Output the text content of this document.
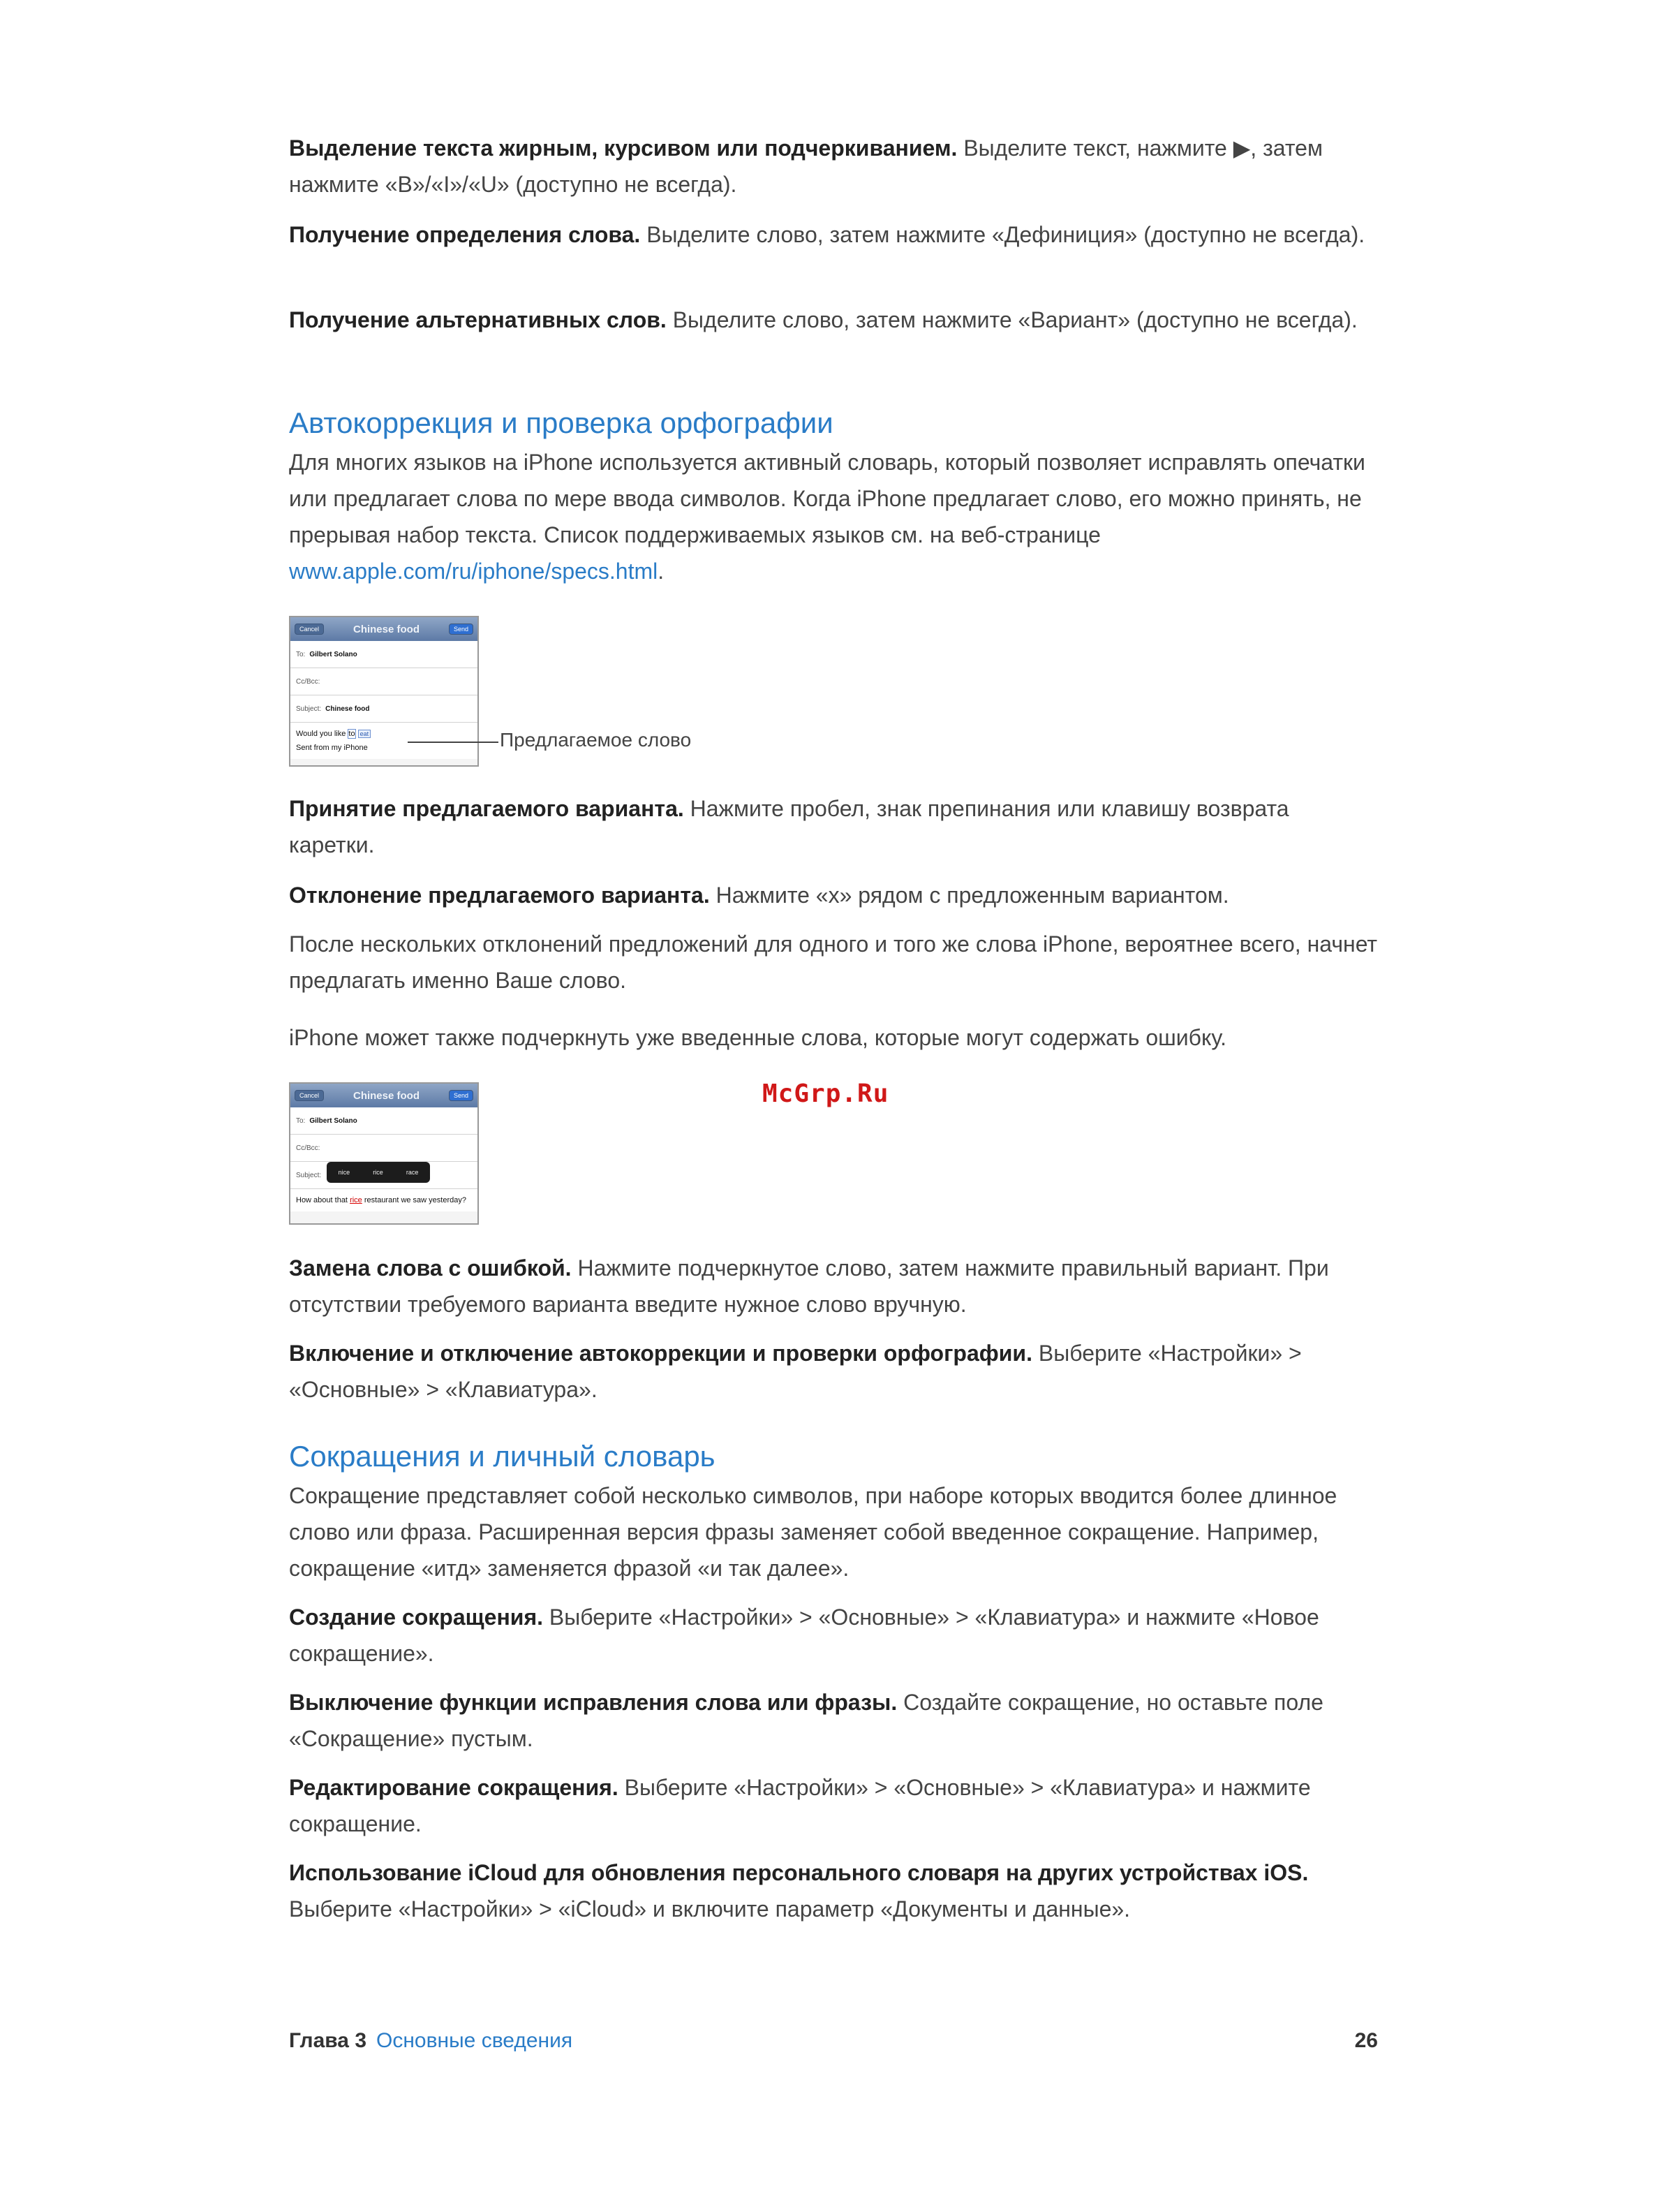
Выделение текста жирным, курсивом или подчеркиванием. Выделите текст, нажмите ▶, затем нажмите «B»/«I»/«U» (доступно не всегда).

Получение определения слова. Выделите слово, затем нажмите «Дефиниция» (доступно не всегда).

Получение альтернативных слов. Выделите слово, затем нажмите «Вариант» (доступно не всегда).

Автокоррекция и проверка орфографии

Для многих языков на iPhone используется активный словарь, который позволяет исправлять опечатки или предлагает слова по мере ввода символов. Когда iPhone предлагает слово, его можно принять, не прерывая набор текста. Список поддерживаемых языков см. на веб-странице www.apple.com/ru/iphone/specs.html.

Cancel	Chinese food	Send
To: Gilbert Solano
Cc/Bcc:
Subject: Chinese food
Would you like to eat
Sent from my iPhone	Предлагаемое слово

Принятие предлагаемого варианта. Нажмите пробел, знак препинания или клавишу возврата каретки.

Отклонение предлагаемого варианта. Нажмите «x» рядом с предложенным вариантом.

После нескольких отклонений предложений для одного и того же слова iPhone, вероятнее всего, начнет предлагать именно Ваше слово.

iPhone может также подчеркнуть уже введенные слова, которые могут содержать ошибку.

Cancel	Chinese food	Send
To: Gilbert Solano
Cc/Bcc:
Subject:
How about that rice restaurant we saw yesterday?
nice	rice	race

Замена слова с ошибкой. Нажмите подчеркнутое слово, затем нажмите правильный вариант. При отсутствии требуемого варианта введите нужное слово вручную.

Включение и отключение автокоррекции и проверки орфографии. Выберите «Настройки» > «Основные» > «Клавиатура».

Сокращения и личный словарь

Сокращение представляет собой несколько символов, при наборе которых вводится более длинное слово или фраза. Расширенная версия фразы заменяет собой введенное сокращение. Например, сокращение «итд» заменяется фразой «и так далее».

Создание сокращения. Выберите «Настройки» > «Основные» > «Клавиатура» и нажмите «Новое сокращение».

Выключение функции исправления слова или фразы. Создайте сокращение, но оставьте поле «Сокращение» пустым.

Редактирование сокращения. Выберите «Настройки» > «Основные» > «Клавиатура» и нажмите сокращение.

Использование iCloud для обновления персонального словаря на других устройствах iOS. Выберите «Настройки» > «iCloud» и включите параметр «Документы и данные».

Глава 3 Основные сведения	26
McGrp.Ru
